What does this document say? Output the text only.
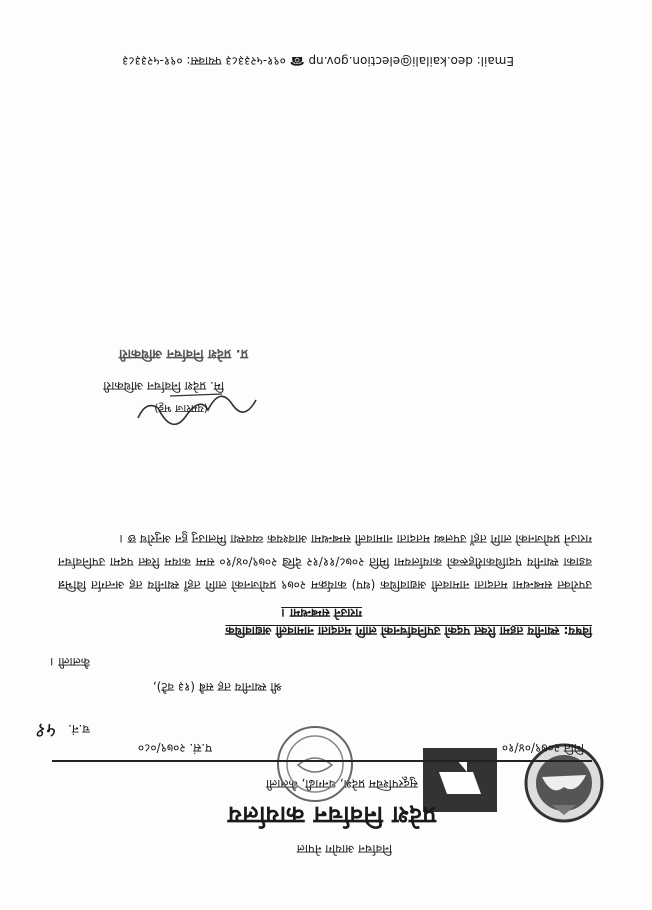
निर्वाचन आयोग नेपाल
प्रदेश निर्वाचन कार्यालय
सुदूरपश्चिम प्रदेश, धनगढी, कैलाली
प.सं. २०७९/०८०	मिति २०७९/०४/१०
च.नं.
५१
श्री स्थानीय तह सबै (१३ वटै),
कैलाली ।
विषय: स्थानीय तहमा रिक्त पदको उपनिर्वाचनको लागि मतदाता नामावली अद्यावधिक
गराउने सम्बन्धमा ।
उपरोक्त सम्बन्धमा मतदाता नामावली अद्यावधिक (थप) कार्यक्रम २०७९ प्रयोजनको लागि तहाँ स्थानीय तह अन्तर्गत विभिन्न वडाका स्थानीय पदाधिकारीहरूको कार्यालयमा मिति २०७८/११/१२ देखि २०७९/०४/१० सम्म कायम रिक्त पदमा उपनिर्वाचन गराउने प्रयोजनको लागि तहाँ उपलब्ध मतदाता नामावली सम्बन्धमा आवश्यक व्यवस्था मिलाउनु हुन अनुरोध छ ।
(यमराज भट्ट)
मि. प्रदेश निर्वाचन अधिकारी
प्र. प्रदेश निर्वाचन अधिकारी
Email: deo.kailali@election.gov.np ☎ ०९१-५२३३८३ फ्याक्स: ०९१-५२३३८३
